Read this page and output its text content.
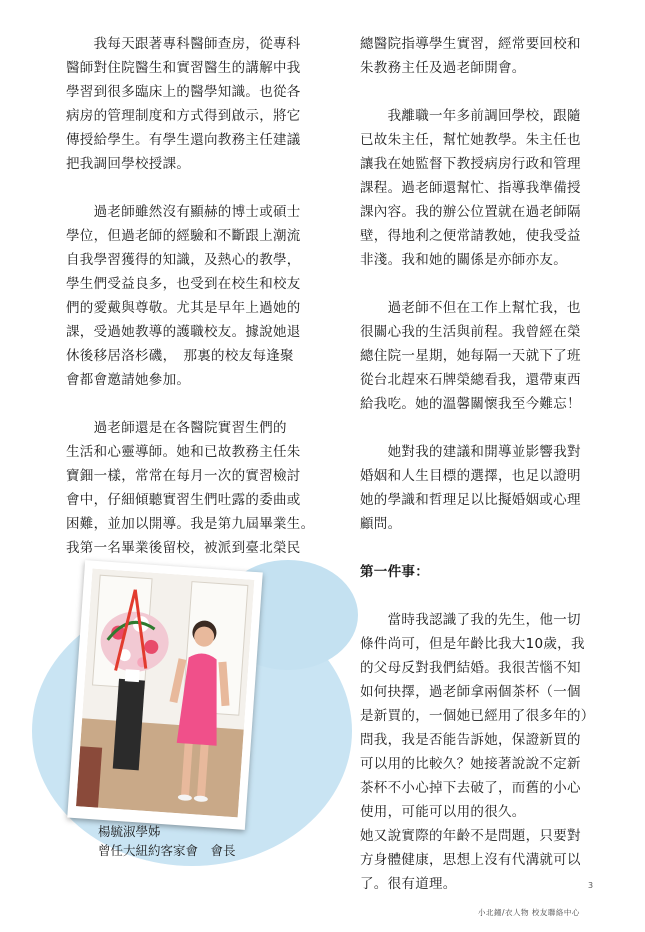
　　我每天跟著專科醫師查房，從專科
醫師對住院醫生和實習醫生的講解中我
學習到很多臨床上的醫學知識。也從各
病房的管理制度和方式得到啟示，將它
傳授給學生。有學生還向教務主任建議
把我調回學校授課。

　　過老師雖然沒有顯赫的博士或碩士
學位，但過老師的經驗和不斷跟上潮流
自我學習獲得的知識，及熱心的教學，
學生們受益良多，也受到在校生和校友
們的愛戴與尊敬。尤其是早年上過她的
課，受過她教導的護職校友。據說她退
休後移居洛杉磯，　那裏的校友每逢聚
會都會邀請她參加。

　　過老師還是在各醫院實習生們的
生活和心靈導師。她和已故教務主任朱
寶鈿一樣，常常在每月一次的實習檢討
會中，仔細傾聽實習生們吐露的委曲或
困難，並加以開導。我是第九屆畢業生。
我第一名畢業後留校，被派到臺北榮民

總醫院指導學生實習，經常要回校和
朱教務主任及過老師開會。

　　我離職一年多前調回學校，跟隨
已故朱主任，幫忙她教學。朱主任也
讓我在她監督下教授病房行政和管理
課程。過老師還幫忙、指導我準備授
課內容。我的辦公位置就在過老師隔
壁，得地利之便常請教她，使我受益
非淺。我和她的關係是亦師亦友。

　　過老師不但在工作上幫忙我，也
很關心我的生活與前程。我曾經在榮
總住院一星期，她每隔一天就下了班
從台北趕來石牌榮總看我，還帶東西
給我吃。她的溫馨關懷我至今難忘！

　　她對我的建議和開導並影響我對
婚姻和人生目標的選擇，也足以證明
她的學識和哲理足以比擬婚姻或心理
顧問。

第一件事：

　　當時我認識了我的先生，他一切
條件尚可，但是年齡比我大10歲，我
的父母反對我們結婚。我很苦惱不知
如何抉擇，過老師拿兩個茶杯（一個
是新買的，一個她已經用了很多年的）
問我，我是否能告訴她，保證新買的
可以用的比較久？她接著說說不定新
茶杯不小心掉下去破了，而舊的小心
使用，可能可以用的很久。
她又說實際的年齡不是問題，只要對
方身體健康，思想上沒有代溝就可以
了。很有道理。

楊毓淑學姊
曾任大紐約客家會　會長
3
小北鐘/衣人物 校友聯絡中心
